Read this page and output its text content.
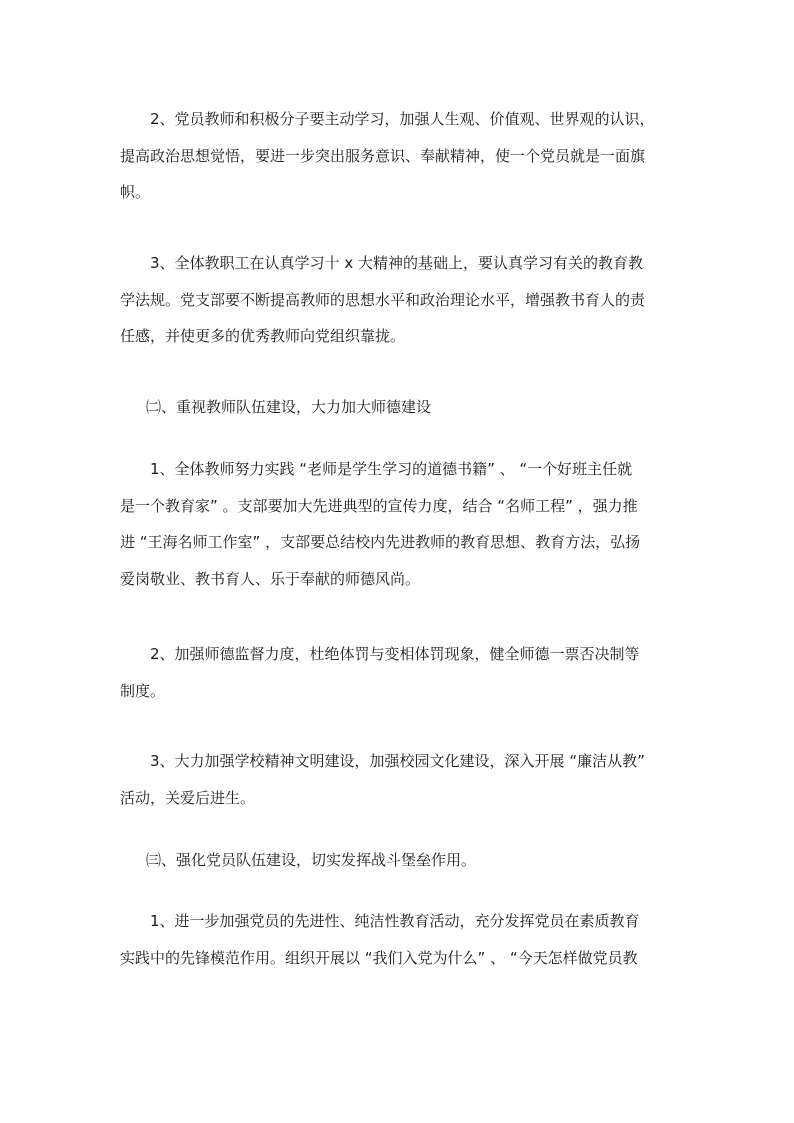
2、党员教师和积极分子要主动学习，加强人生观、价值观、世界观的认识，
提高政治思想觉悟，要进一步突出服务意识、奉献精神，使一个党员就是一面旗
帜。
3、全体教职工在认真学习十 x 大精神的基础上，要认真学习有关的教育教
学法规。党支部要不断提高教师的思想水平和政治理论水平，增强教书育人的责
任感，并使更多的优秀教师向党组织靠拢。
㈡、重视教师队伍建设，大力加大师德建设
1、全体教师努力实践 “老师是学生学习的道德书籍” 、 “一个好班主任就
是一个教育家” 。支部要加大先进典型的宣传力度，结合 “名师工程” ，强力推
进 “王海名师工作室” ，支部要总结校内先进教师的教育思想、教育方法，弘扬
爱岗敬业、教书育人、乐于奉献的师德风尚。
2、加强师德监督力度，杜绝体罚与变相体罚现象，健全师德一票否决制等
制度。
3、大力加强学校精神文明建设，加强校园文化建设，深入开展 “廉洁从教”
活动，关爱后进生。
㈢、强化党员队伍建设，切实发挥战斗堡垒作用。
1、进一步加强党员的先进性、纯洁性教育活动，充分发挥党员在素质教育
实践中的先锋模范作用。组织开展以 “我们入党为什么” 、 “今天怎样做党员教
